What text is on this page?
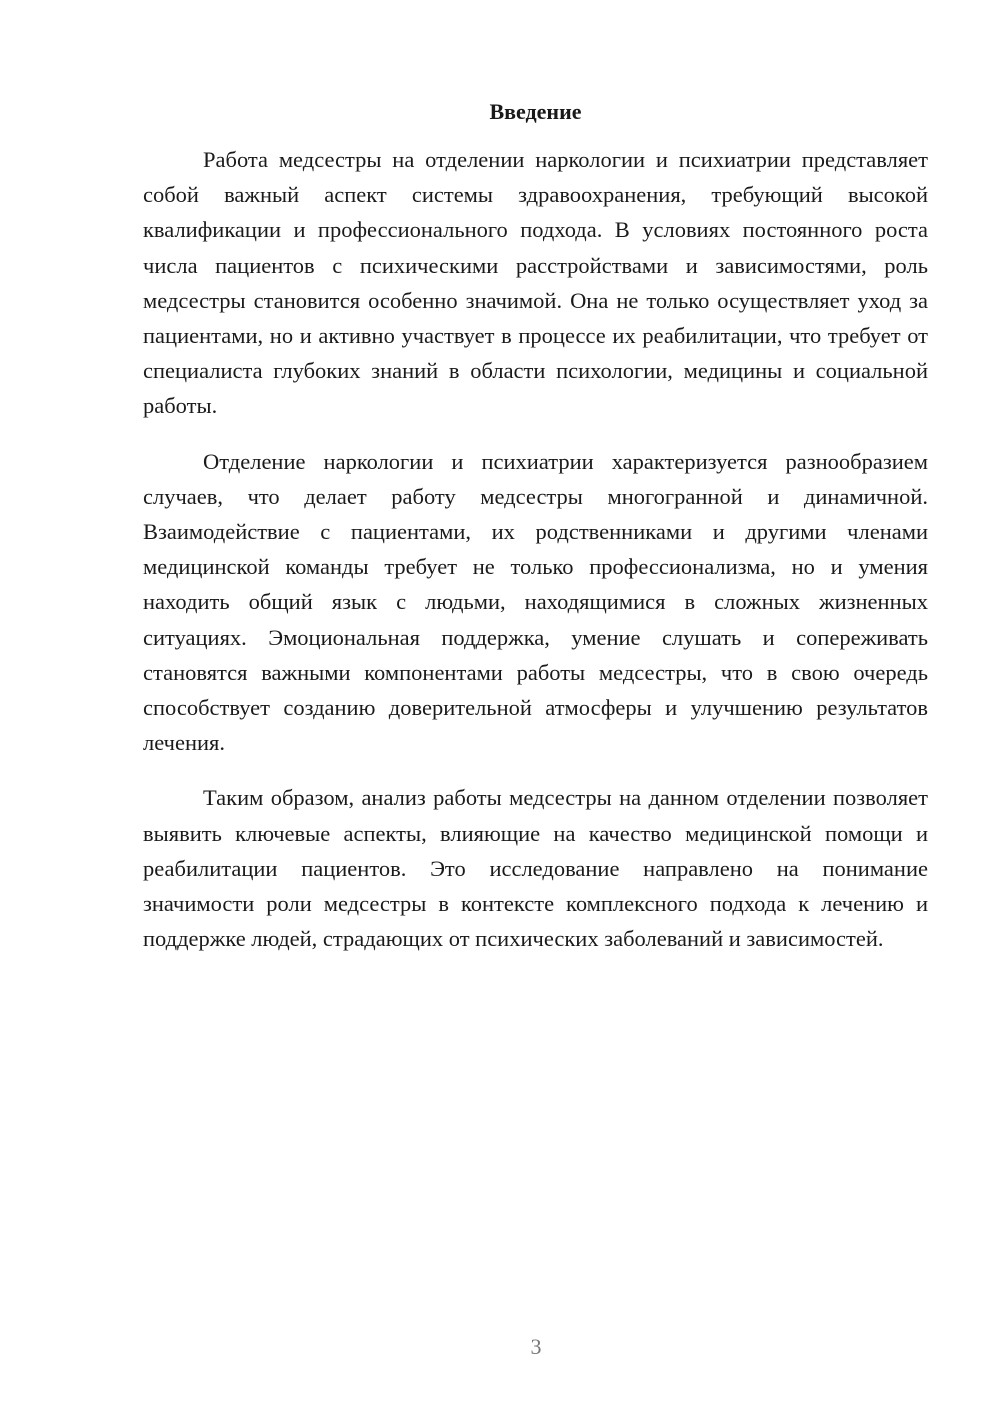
Введение

Работа медсестры на отделении наркологии и психиатрии представляет собой важный аспект системы здравоохранения, требующий высокой квалификации и профессионального подхода. В условиях постоянного роста числа пациентов с психическими расстройствами и зависимостями, роль медсестры становится особенно значимой. Она не только осуществляет уход за пациентами, но и активно участвует в процессе их реабилитации, что требует от специалиста глубоких знаний в области психологии, медицины и социальной работы.

Отделение наркологии и психиатрии характеризуется разнообразием случаев, что делает работу медсестры многогранной и динамичной. Взаимодействие с пациентами, их родственниками и другими членами медицинской команды требует не только профессионализма, но и умения находить общий язык с людьми, находящимися в сложных жизненных ситуациях. Эмоциональная поддержка, умение слушать и сопереживать становятся важными компонентами работы медсестры, что в свою очередь способствует созданию доверительной атмосферы и улучшению результатов лечения.

Таким образом, анализ работы медсестры на данном отделении позволяет выявить ключевые аспекты, влияющие на качество медицинской помощи и реабилитации пациентов. Это исследование направлено на понимание значимости роли медсестры в контексте комплексного подхода к лечению и поддержке людей, страдающих от психических заболеваний и зависимостей.

3
